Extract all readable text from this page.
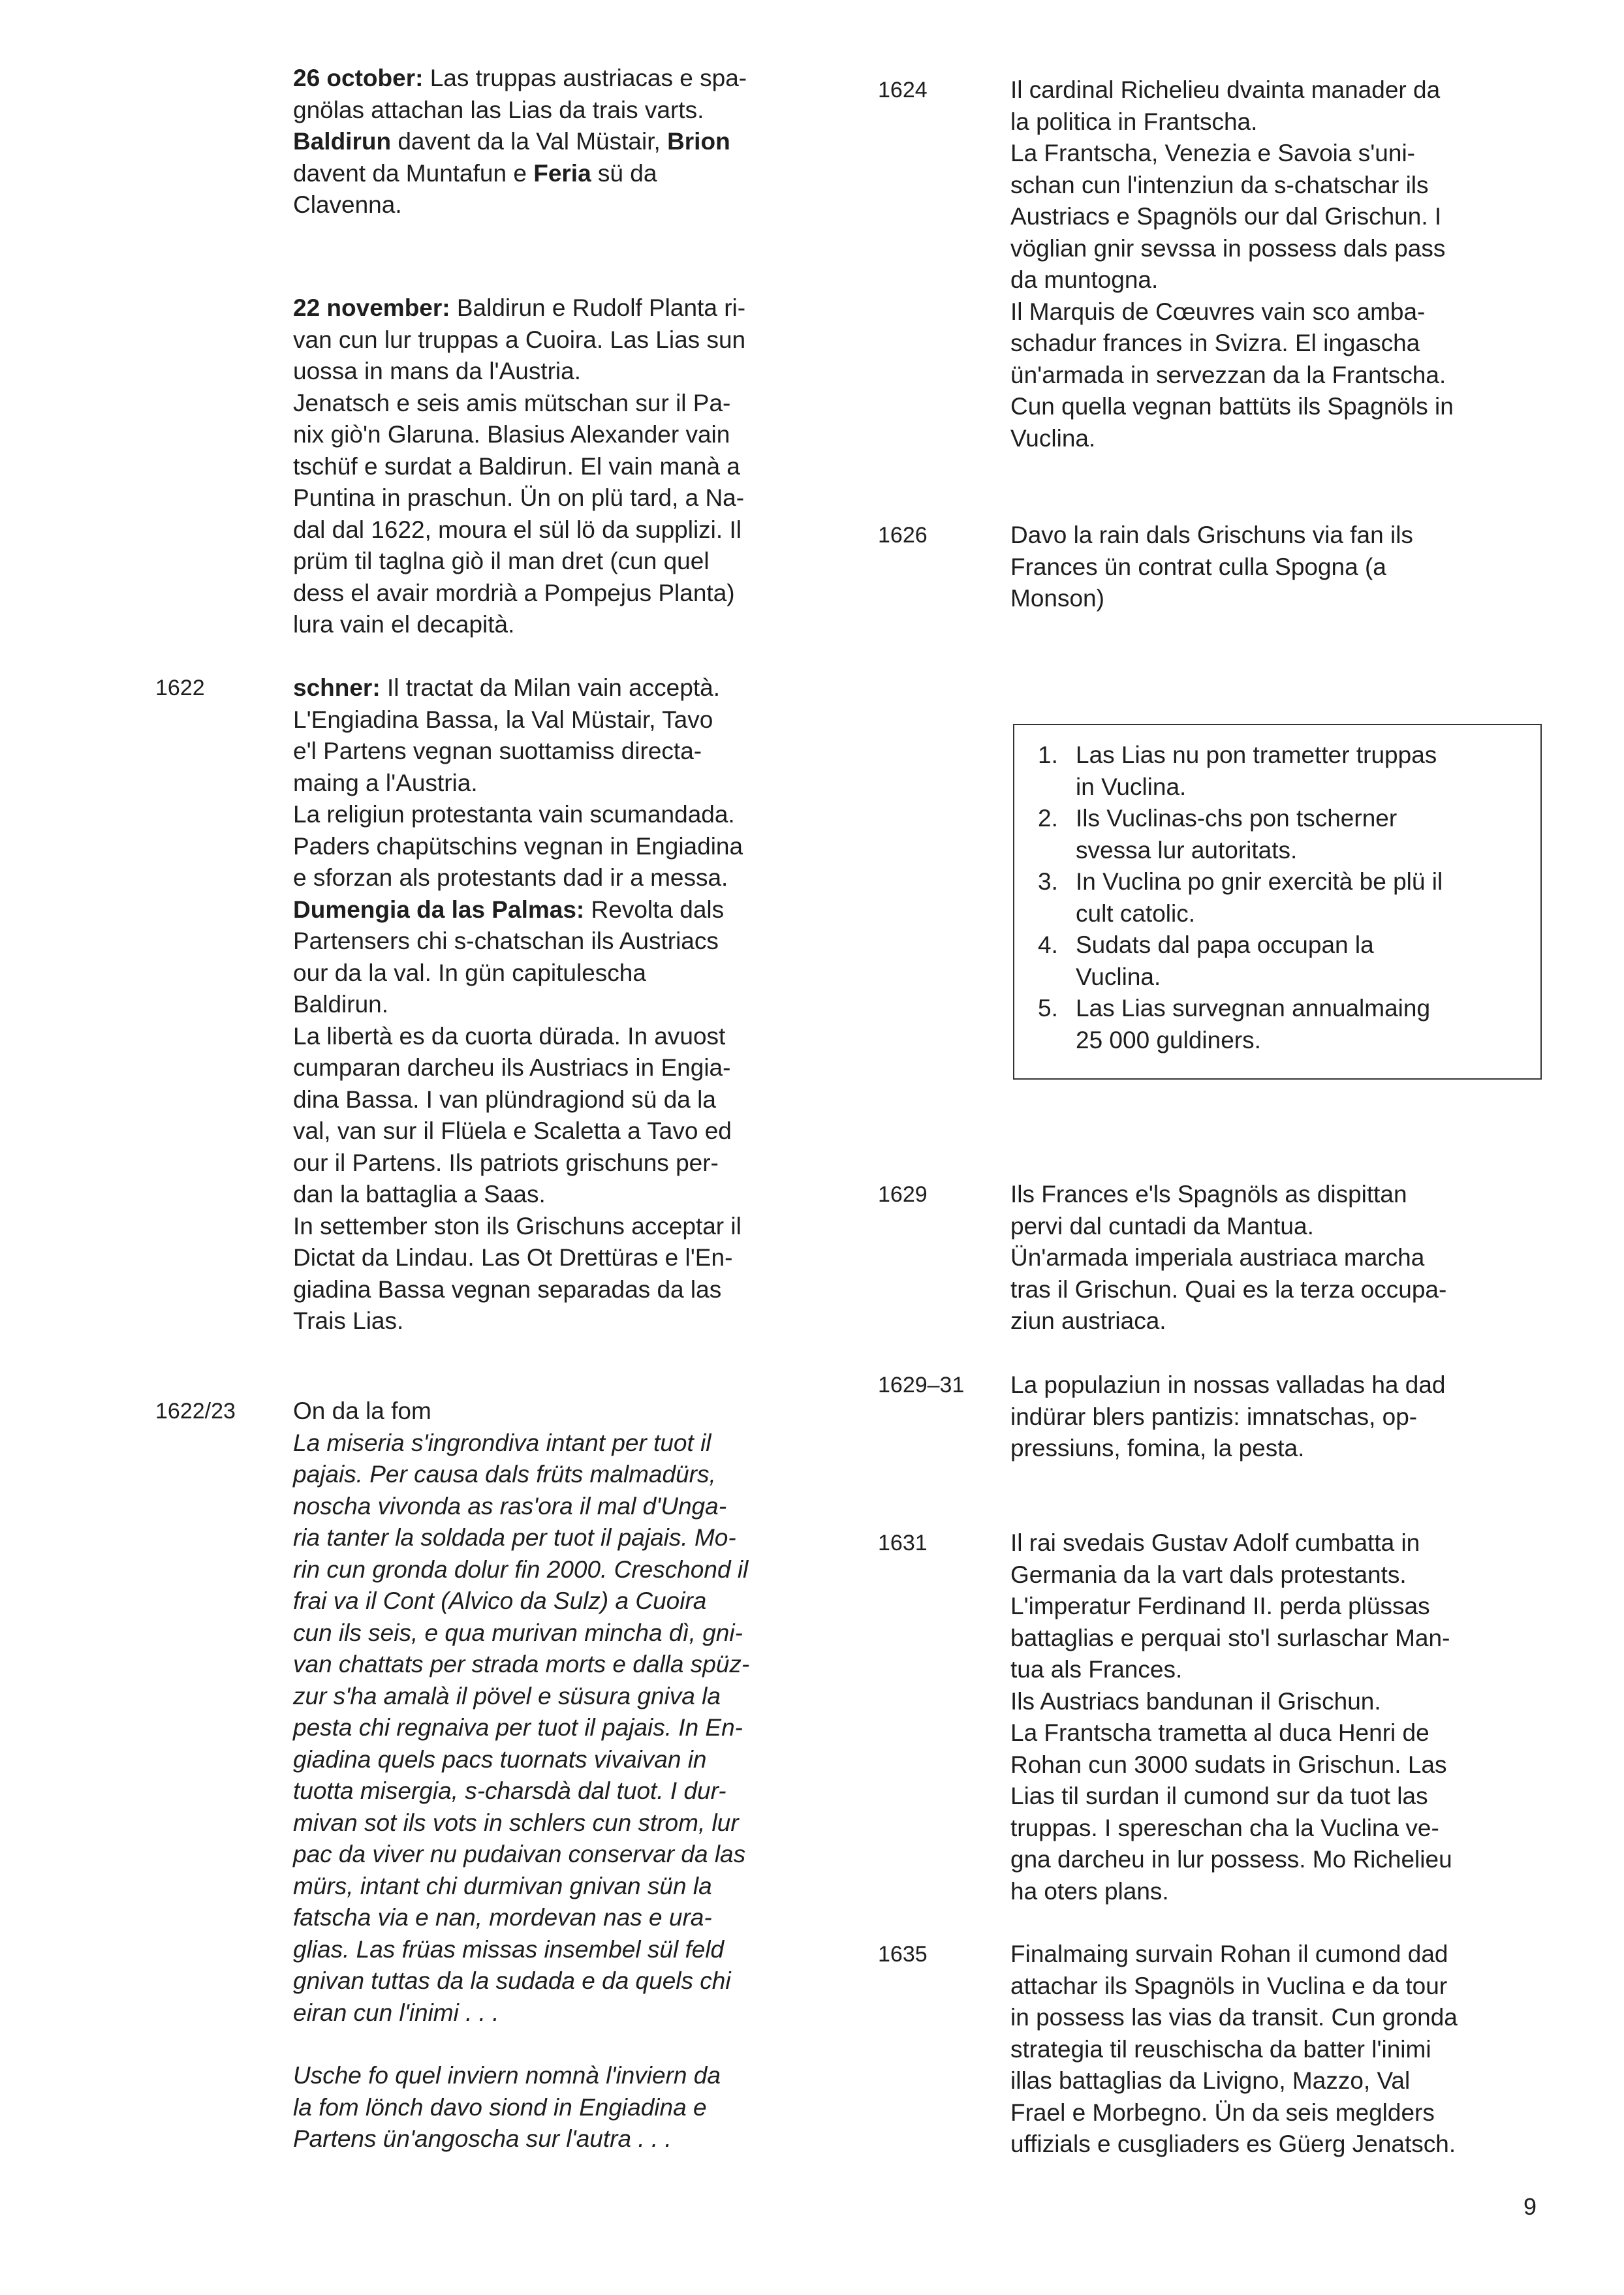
26 october: Las truppas austriacas e spa-

gnölas attachan las Lias da trais varts.

Baldirun davent da la Val Müstair, Brion

davent da Muntafun e Feria sü da

Clavenna.

22 november: Baldirun e Rudolf Planta ri-

van cun lur truppas a Cuoira. Las Lias sun

uossa in mans da l'Austria.

Jenatsch e seis amis mütschan sur il Pa-

nix giò'n Glaruna. Blasius Alexander vain

tschüf e surdat a Baldirun. El vain manà a

Puntina in praschun. Ün on plü tard, a Na-

dal dal 1622, moura el sül lö da supplizi. Il

prüm til taglna giò il man dret (cun quel

dess el avair mordrià a Pompejus Planta)

lura vain el decapità.

1622	schner: Il tractat da Milan vain acceptà.

L'Engiadina Bassa, la Val Müstair, Tavo

e'l Partens vegnan suottamiss directa-

maing a l'Austria.

La religiun protestanta vain scumandada.

Paders chapütschins vegnan in Engiadina

e sforzan als protestants dad ir a messa.

Dumengia da las Palmas: Revolta dals

Partensers chi s-chatschan ils Austriacs

our da la val. In gün capitulescha

Baldirun.

La libertà es da cuorta dürada. In avuost

cumparan darcheu ils Austriacs in Engia-

dina Bassa. I van plündragiond sü da la

val, van sur il Flüela e Scaletta a Tavo ed

our il Partens. Ils patriots grischuns per-

dan la battaglia a Saas.

In settember ston ils Grischuns acceptar il

Dictat da Lindau. Las Ot Drettüras e l'En-

giadina Bassa vegnan separadas da las

Trais Lias.

1622/23 On da la fom

La miseria s'ingrondiva intant per tuot il

pajais. Per causa dals früts malmadürs,

noscha vivonda as ras'ora il mal d'Unga-

ria tanter la soldada per tuot il pajais. Mo-

rin cun gronda dolur fin 2000. Creschond il

frai va il Cont (Alvico da Sulz) a Cuoira

cun ils seis, e qua murivan mincha dì, gni-

van chattats per strada morts e dalla spüz-

zur s'ha amalà il pövel e süsura gniva la

pesta chi regnaiva per tuot il pajais. In En-

giadina quels pacs tuornats vivaivan in

tuotta misergia, s-charsdà dal tuot. I dur-

mivan sot ils vots in schlers cun strom, lur

pac da viver nu pudaivan conservar da las

mürs, intant chi durmivan gnivan sün la

fatscha via e nan, mordevan nas e ura-

glias. Las früas missas insembel sül feld

gnivan tuttas da la sudada e da quels chi

eiran cun l'inimi . . .

Usche fo quel inviern nomnà l'inviern da

la fom lönch davo siond in Engiadina e

Partens ün'angoscha sur l'autra . . .

1624	Il cardinal Richelieu dvainta manader da

la politica in Frantscha.

La Frantscha, Venezia e Savoia s'uni-

schan cun l'intenziun da s-chatschar ils

Austriacs e Spagnöls our dal Grischun. I

vöglian gnir sevssa in possess dals pass

da muntogna.

Il Marquis de Cœuvres vain sco amba-

schadur frances in Svizra. El ingascha

ün'armada in servezzan da la Frantscha.

Cun quella vegnan battüts ils Spagnöls in

Vuclina.

1626	Davo la rain dals Grischuns via fan ils

Frances ün contrat culla Spogna (a

Monson)

1. Las Lias nu pon trametter truppas
in Vuclina.
2. Ils Vuclinas-chs pon tscherner
svessa lur autoritats.
3. In Vuclina po gnir exercità be plü il
cult catolic.
4. Sudats dal papa occupan la
Vuclina.
5. Las Lias survegnan annualmaing
25 000 guldiners.
1629	Ils Frances e'ls Spagnöls as dispittan

pervi dal cuntadi da Mantua.

Ün'armada imperiala austriaca marcha

tras il Grischun. Quai es la terza occupa-

ziun austriaca.

1629–31 La populaziun in nossas valladas ha dad

indürar blers pantizis: imnatschas, op-

pressiuns, fomina, la pesta.

1631	Il rai svedais Gustav Adolf cumbatta in

Germania da la vart dals protestants.

L'imperatur Ferdinand II. perda plüssas

battaglias e perquai sto'l surlaschar Man-

tua als Frances.

Ils Austriacs bandunan il Grischun.

La Frantscha trametta al duca Henri de

Rohan cun 3000 sudats in Grischun. Las

Lias til surdan il cumond sur da tuot las

truppas. I spereschan cha la Vuclina ve-

gna darcheu in lur possess. Mo Richelieu

ha oters plans.

1635	Finalmaing survain Rohan il cumond dad

attachar ils Spagnöls in Vuclina e da tour

in possess las vias da transit. Cun gronda

strategia til reuschischa da batter l'inimi

illas battaglias da Livigno, Mazzo, Val

Frael e Morbegno. Ün da seis meglders

uffizials e cusgliaders es Güerg Jenatsch.

9
